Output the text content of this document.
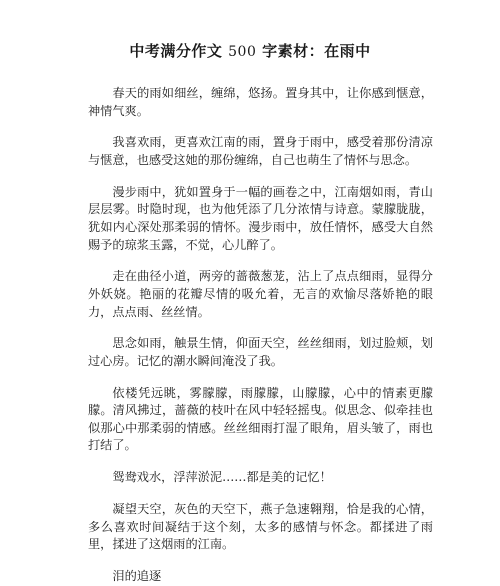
中考满分作文 500 字素材：在雨中

春天的雨如细丝，缠绵，悠扬。置身其中，让你感到惬意，神情气爽。

我喜欢雨，更喜欢江南的雨，置身于雨中，感受着那份清凉与惬意，也感受这她的那份缠绵，自己也萌生了情怀与思念。

漫步雨中，犹如置身于一幅的画卷之中，江南烟如雨，青山层层雾。时隐时现，也为他凭添了几分浓情与诗意。蒙朦胧胧，犹如内心深处那柔弱的情怀。漫步雨中，放任情怀，感受大自然赐予的琼浆玉露，不觉，心儿醉了。

走在曲径小道，两旁的蔷薇葱茏，沾上了点点细雨，显得分外妖娆。艳丽的花瓣尽情的吸允着，无言的欢愉尽落娇艳的眼力，点点雨、丝丝情。

思念如雨，触景生情，仰面天空，丝丝细雨，划过脸颊，划过心房。记忆的潮水瞬间淹没了我。

依楼凭远眺，雾朦朦，雨朦朦，山朦朦，心中的情素更朦朦。清风拂过，蔷薇的枝叶在风中轻轻摇曳。似思念、似牵挂也似那心中那柔弱的情感。丝丝细雨打湿了眼角，眉头皱了，雨也打结了。

鸳鸯戏水，浮萍淤泥……都是美的记忆！

凝望天空，灰色的天空下，燕子急速翱翔，恰是我的心情，多么喜欢时间凝结于这个刻，太多的感情与怀念。都揉进了雨里，揉进了这烟雨的江南。

泪的追逐
